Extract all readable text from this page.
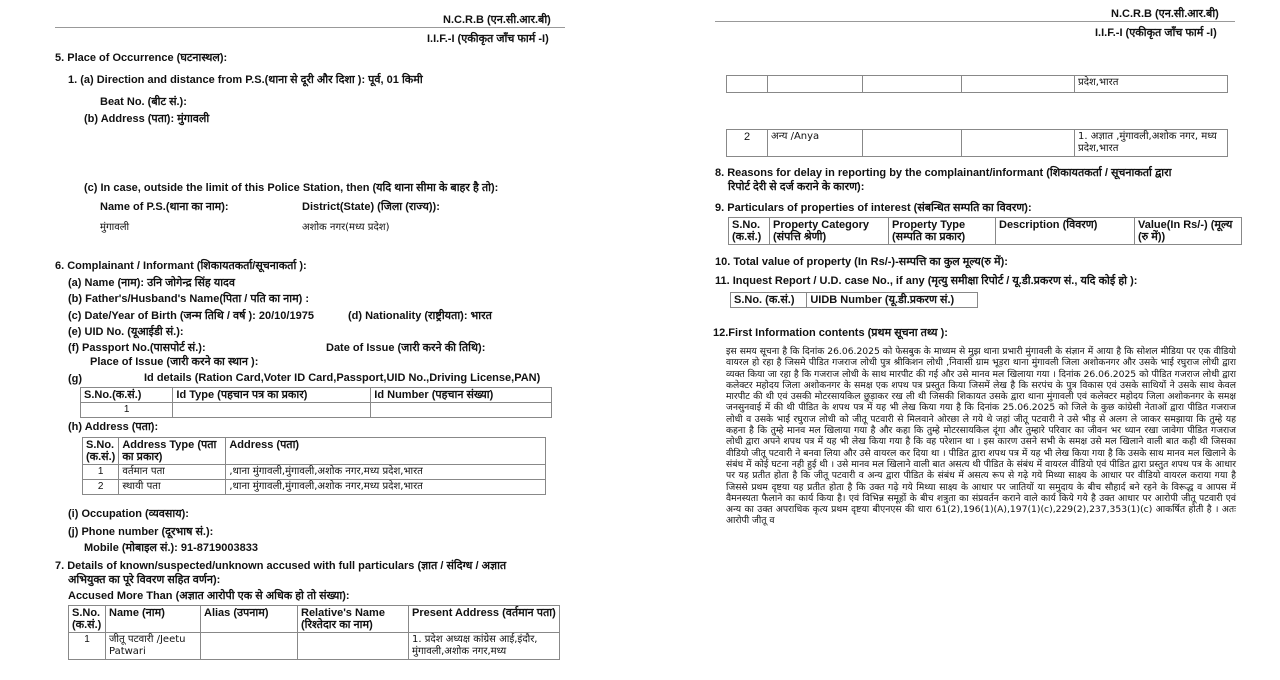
N.C.R.B (एन.सी.आर.बी)
I.I.F.-I (एकीकृत जाँच फार्म -I)
5. Place of Occurrence (घटनास्थल):
1. (a) Direction and distance from P.S.(थाना से दूरी और दिशा ): पूर्व, 01 किमी
Beat No. (बीट सं.):
(b) Address (पता): मुंगावली
(c) In case, outside the limit of this Police Station, then (यदि थाना सीमा के बाहर है तो):
Name of P.S.(थाना का नाम):	District(State) (जिला (राज्य)):
मुंगावली	अशोक नगर(मध्य प्रदेश)
6. Complainant / Informant (शिकायतकर्ता/सूचनाकर्ता ):
(a) Name (नाम): उनि जोगेन्द्र सिंह यादव
(b) Father's/Husband's Name(पिता / पति का नाम) :
(c) Date/Year of Birth (जन्म तिथि / वर्ष ): 20/10/1975	(d) Nationality (राष्ट्रीयता): भारत
(e) UID No. (यूआईडी सं.):
(f) Passport No.(पासपोर्ट सं.):	Date of Issue (जारी करने की तिथि):
Place of Issue (जारी करने का स्थान ):
(g)	Id details (Ration Card,Voter ID Card,Passport,UID No.,Driving License,PAN)
S.No.(क.सं.)	Id Type (पहचान पत्र का प्रकार)	Id Number (पहचान संख्या)
1		
(h) Address (पता):
S.No. (क.सं.)	Address Type (पता का प्रकार)	Address (पता)
1	वर्तमान पता	,थाना मुंगावली,मुंगावली,अशोक नगर,मध्य प्रदेश,भारत
2	स्थायी पता	,थाना मुंगावली,मुंगावली,अशोक नगर,मध्य प्रदेश,भारत
(i) Occupation (व्यवसाय):
(j) Phone number (दूरभाष सं.):
Mobile (मोबाइल सं.): 91-8719003833
7. Details of known/suspected/unknown accused with full particulars (ज्ञात / संदिग्ध / अज्ञात
अभियुक्त का पूरे विवरण सहित वर्णन):
Accused More Than (अज्ञात आरोपी एक से अधिक हो तो संख्या):
S.No. (क.सं.)	Name (नाम)	Alias (उपनाम)	Relative's Name (रिश्तेदार का नाम)	Present Address (वर्तमान पता)
1	जीतू पटवारी /Jeetu Patwari			1. प्रदेश अध्यक्ष कांग्रेस आई,इंदौर, मुंगावली,अशोक नगर,मध्य
N.C.R.B (एन.सी.आर.बी)
I.I.F.-I (एकीकृत जाँच फार्म -I)
				प्रदेश,भारत
2	अन्य /Anya			1. अज्ञात ,मुंगावली,अशोक नगर, मध्य प्रदेश,भारत
8. Reasons for delay in reporting by the complainant/informant (शिकायतकर्ता / सूचनाकर्ता द्वारा
रिपोर्ट देरी से दर्ज कराने के कारण):
9. Particulars of properties of interest (संबन्धित सम्पति का विवरण):
S.No. (क.सं.)	Property Category (संपत्ति श्रेणी)	Property Type (सम्पति का प्रकार)	Description (विवरण)	Value(In Rs/-) (मूल्य (रु में))
10. Total value of property (In Rs/-)-सम्पत्ति का कुल मूल्य(रु में):
11. Inquest Report / U.D. case No., if any (मृत्यु समीक्षा रिपोर्ट / यू.डी.प्रकरण सं., यदि कोई हो ):
S.No. (क.सं.)	UIDB Number (यू.डी.प्रकरण सं.)
12.First Information contents (प्रथम सूचना तथ्य ):
इस समय सूचना है कि दिनांक 26.06.2025 को फेसबुक के माध्यम से मुझ थाना प्रभारी मुंगावली के संज्ञान में आया है कि सोशल मीडिया पर एक वीडियो वायरल हो रहा है जिसमे पीडित गजराज लोधी पुत्र श्रीकिशन लोधी ,निवासी ग्राम भूड़रा थाना मुंगावली जिला अशोकनगर और उसके भाई रघुराज लोधी द्वारा व्यक्त किया जा रहा है कि गजराज लोधी के साथ मारपीट की गई और उसे मानव मल खिलाया गया । दिनांक 26.06.2025 को पीडित गजराज लोधी द्वारा कलेक्टर महोदय जिला अशोकनगर के समक्ष एक शपथ पत्र प्रस्तुत किया जिसमें लेख है कि सरपंच के पुत्र विकास एवं उसके साथियों ने उसके साथ केवल मारपीट की थी एवं उसकी मोटरसायकिल छुड़ाकर रख ली थी जिसकी शिकायत उसके द्वारा थाना मुंगावली एवं कलेक्टर महोदय जिला अशोकनगर के समक्ष जनसुनवाई में की थी पीडित के शपथ पत्र में यह भी लेख किया गया है कि दिनांक 25.06.2025 को जिले के कुछ कांग्रेसी नेताओं द्वारा पीडित गजराज लोधी व उसके भाई रघुराज लोधी को जीतू पटवारी से मिलवाने ओरछा ले गये थे जहां जीतू पटवारी ने उसे भीड़ से अलग ले जाकर समझाया कि तुम्हे यह कहना है कि तुम्हे मानव मल खिलाया गया है और कहा कि तुम्हे मोटरसायकिल दूंगा और तुम्हारे परिवार का जीवन भर ध्यान रखा जावेगा पीडित गजराज लोधी द्वारा अपने शपथ पत्र में यह भी लेख किया गया है कि वह परेशान था । इस कारण उसने सभी के समक्ष उसे मल खिलाने वाली बात कही थी जिसका वीडियो जीतू पटवारी ने बनवा लिया और उसे वायरल कर दिया था । पीडित द्वारा शपथ पत्र में यह भी लेख किया गया है कि उसके साथ मानव मल खिलाने के संबंध में कोई घटना नही हुई थी । उसे मानव मल खिलाने वाली बात असत्य थी पीडित के संबंध में वायरल वीडियो एवं पीडित द्वारा प्रस्तुत शपथ पत्र के आधार पर यह प्रतीत होता है कि जीतू पटवारी व अन्य द्वारा पीडित के संबंध में असत्य रूप से गढ़े गये मिथ्या साक्ष्य के आधार पर वीडियो वायरल कराया गया है जिससे प्रथम दृष्टया यह प्रतीत होता है कि उक्त गढ़े गये मिथ्या साक्ष्य के आधार पर जातियों या समुदाय के बीच सौहार्द बने रहने के विरूद्ध व आपस में वैमनस्यता फैलाने का कार्य किया है। एवं विभिन्न समूहों के बीच शत्रुता का संप्रवर्तन कराने वाले कार्य किये गये है उक्त आधार पर आरोपी जीतू पटवारी एवं अन्य का उक्त अपराधिक कृत्य प्रथम दृष्टया बीएनएस की धारा 61(2),196(1)(A),197(1)(c),229(2),237,353(1)(c) आकर्षित होती है । अतः आरोपी जीतू व
